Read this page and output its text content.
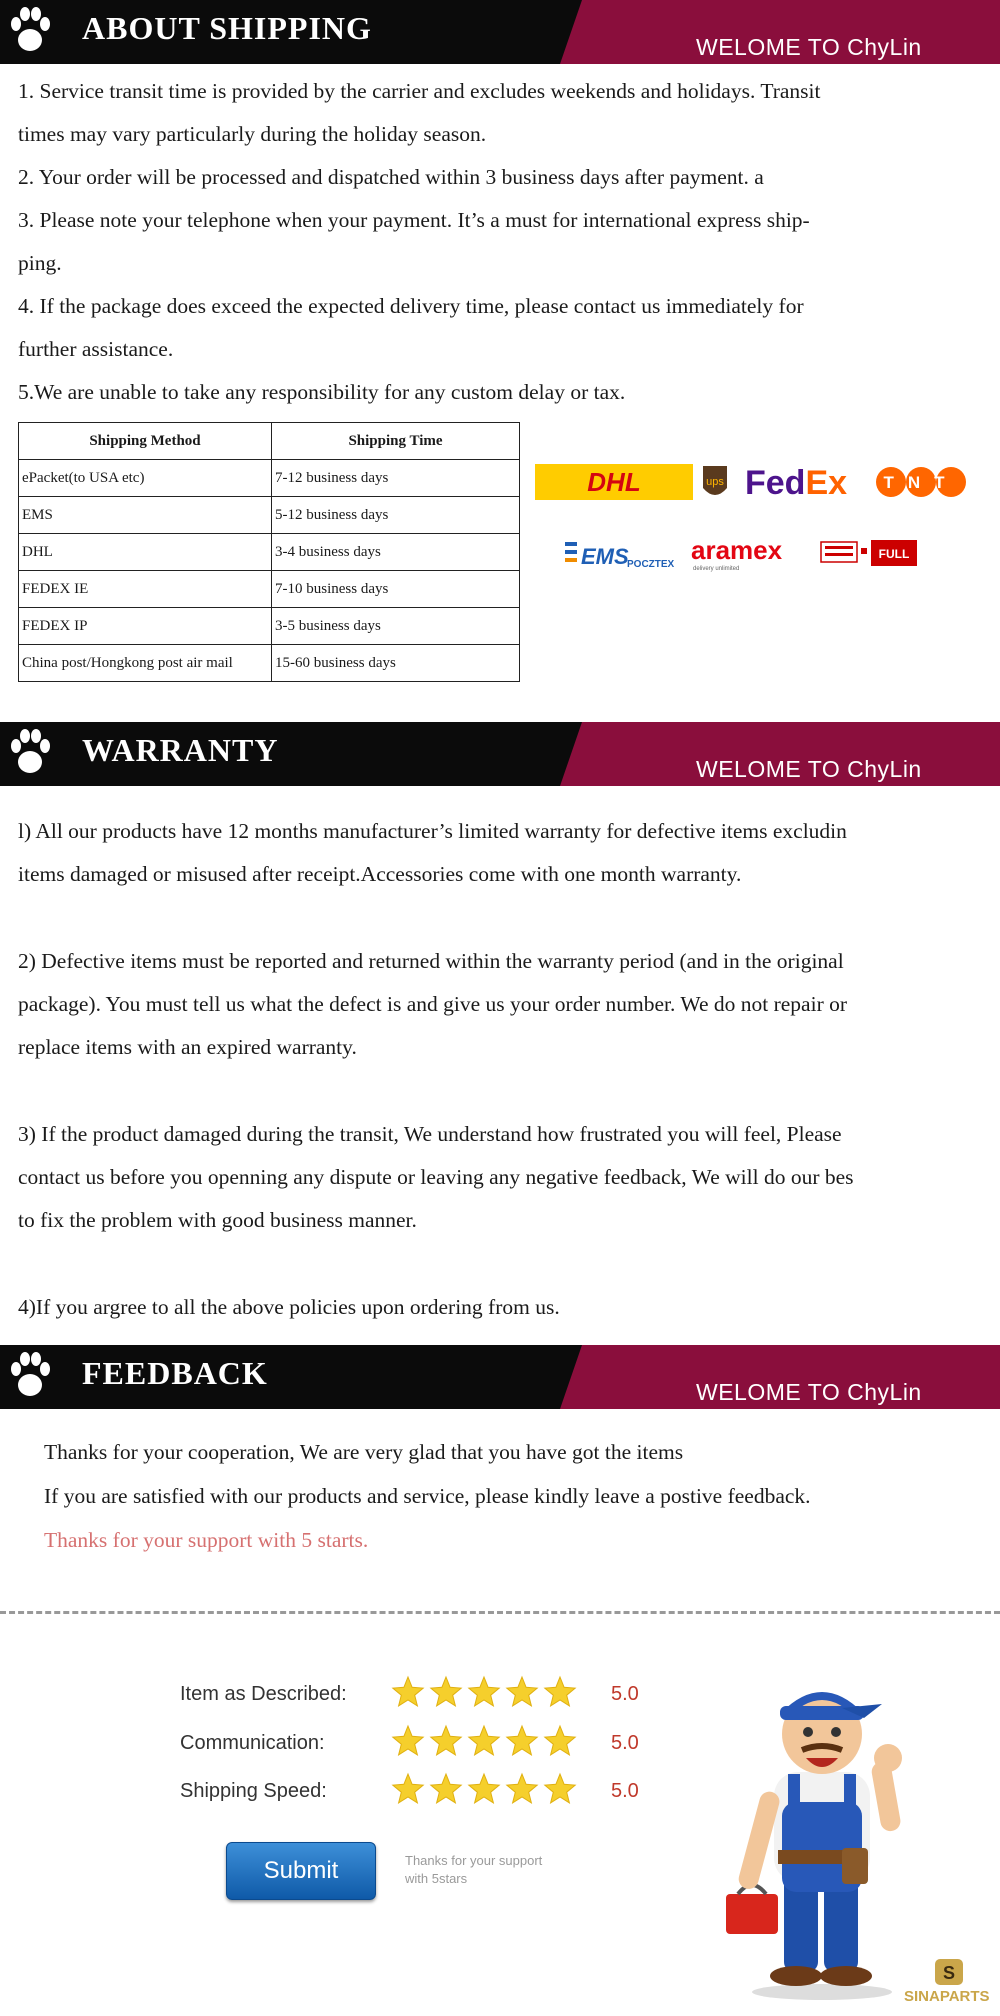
ABOUT SHIPPING
WELOME TO ChyLin
1. Service transit time is provided by the carrier and excludes weekends and holidays. Transit
times may vary particularly during the holiday season.
2. Your order will be processed and dispatched within 3 business days after payment. a
3. Please note your telephone when your payment. It’s a must for international express ship-
ping.
4. If the package does exceed the expected delivery time, please contact us immediately for
further assistance.
5.We are unable to take any responsibility for any custom delay or tax.
Shipping Method	Shipping Time
ePacket(to USA etc)	7-12 business days
EMS	5-12 business days
DHL	3-4 business days
FEDEX IE	7-10 business days
FEDEX IP	3-5 business days
China post/Hongkong post air mail	15-60 business days
DHL	ups FedEx TNT
EMS
POCZTEX aramex
delivery unlimited
FULL
WARRANTY
WELOME TO ChyLin

l) All our products have 12 months manufacturer’s limited warranty for defective items excludin
items damaged or misused after receipt.Accessories come with one month warranty.

2) Defective items must be reported and returned within the warranty period (and in the original
package). You must tell us what the defect is and give us your order number. We do not repair or
replace items with an expired warranty.

3) If the product damaged during the transit, We understand how frustrated you will feel, Please
contact us before you openning any dispute or leaving any negative feedback, We will do our bes
to fix the problem with good business manner.

4)If you argree to all the above policies upon ordering from us.

FEEDBACK
WELOME TO ChyLin
Thanks for your cooperation, We are very glad that you have got the items
If you are satisfied with our products and service, please kindly leave a postive feedback.
Thanks for your support with 5 starts.
Item as Described:	5.0
Communication:	5.0
Shipping Speed:	5.0
Submit	Thanks for your support
with 5stars
S
SINAPARTS
